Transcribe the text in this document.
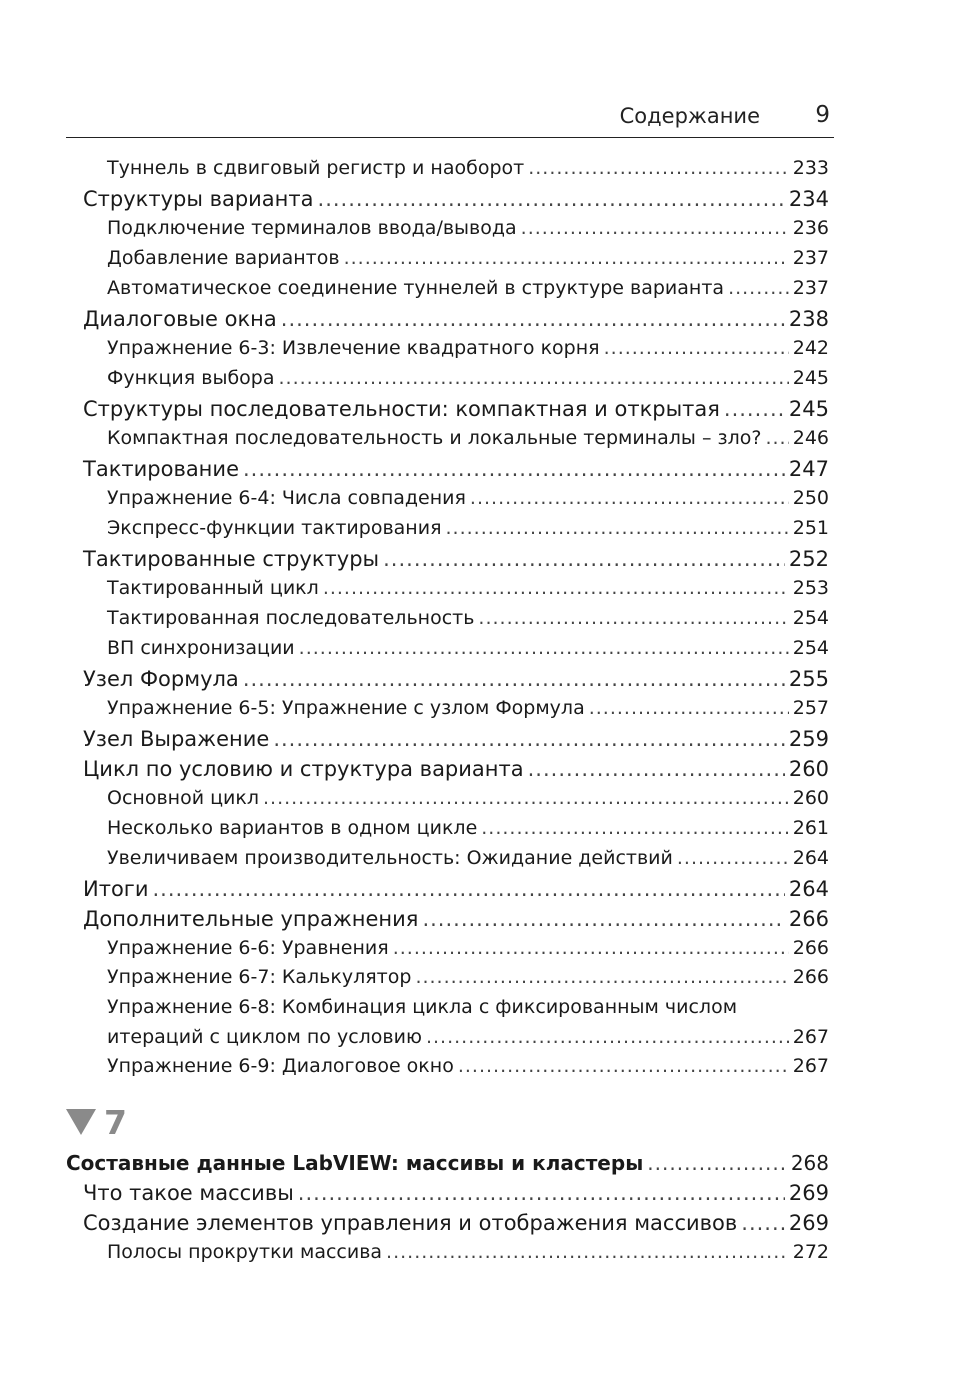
Содержание 9
Туннель в сдвиговый регистр и наоборот .....	233
Структуры варианта .....	234
Подключение терминалов ввода/вывода .....	236
Добавление вариантов .....	237
Автоматическое соединение туннелей в структуре варианта .....	237
Диалоговые окна .....	238
Упражнение 6-3: Извлечение квадратного корня .....	242
Функция выбора .....	245
Структуры последовательности: компактная и открытая .....	245
Компактная последовательность и локальные терминалы – зло? ..... 246
Тактирование .....	247
Упражнение 6-4: Числа совпадения .....	250
Экспресс-функции тактирования .....	251
Тактированные структуры .....	252
Тактированный цикл .....	253
Тактированная последовательность .....	254
ВП синхронизации .....	254
Узел Формула .....	255
Упражнение 6-5: Упражнение с узлом Формула .....	257
Узел Выражение .....	259
Цикл по условию и структура варианта .....	260
Основной цикл .....	260
Несколько вариантов в одном цикле .....	261
Увеличиваем производительность: Ожидание действий .....	264
Итоги .....	264
Дополнительные упражнения .....	266
Упражнение 6-6: Уравнения .....	266
Упражнение 6-7: Калькулятор .....	266
Упражнение 6-8: Комбинация цикла с фиксированным числом
итераций с циклом по условию .....	267
Упражнение 6-9: Диалоговое окно .....	267
7
Составные данные LabVIEW: массивы и кластеры .....	268
Что такое массивы .....	269
Создание элементов управления и отображения массивов ..... 269
Полосы прокрутки массива .....	272
